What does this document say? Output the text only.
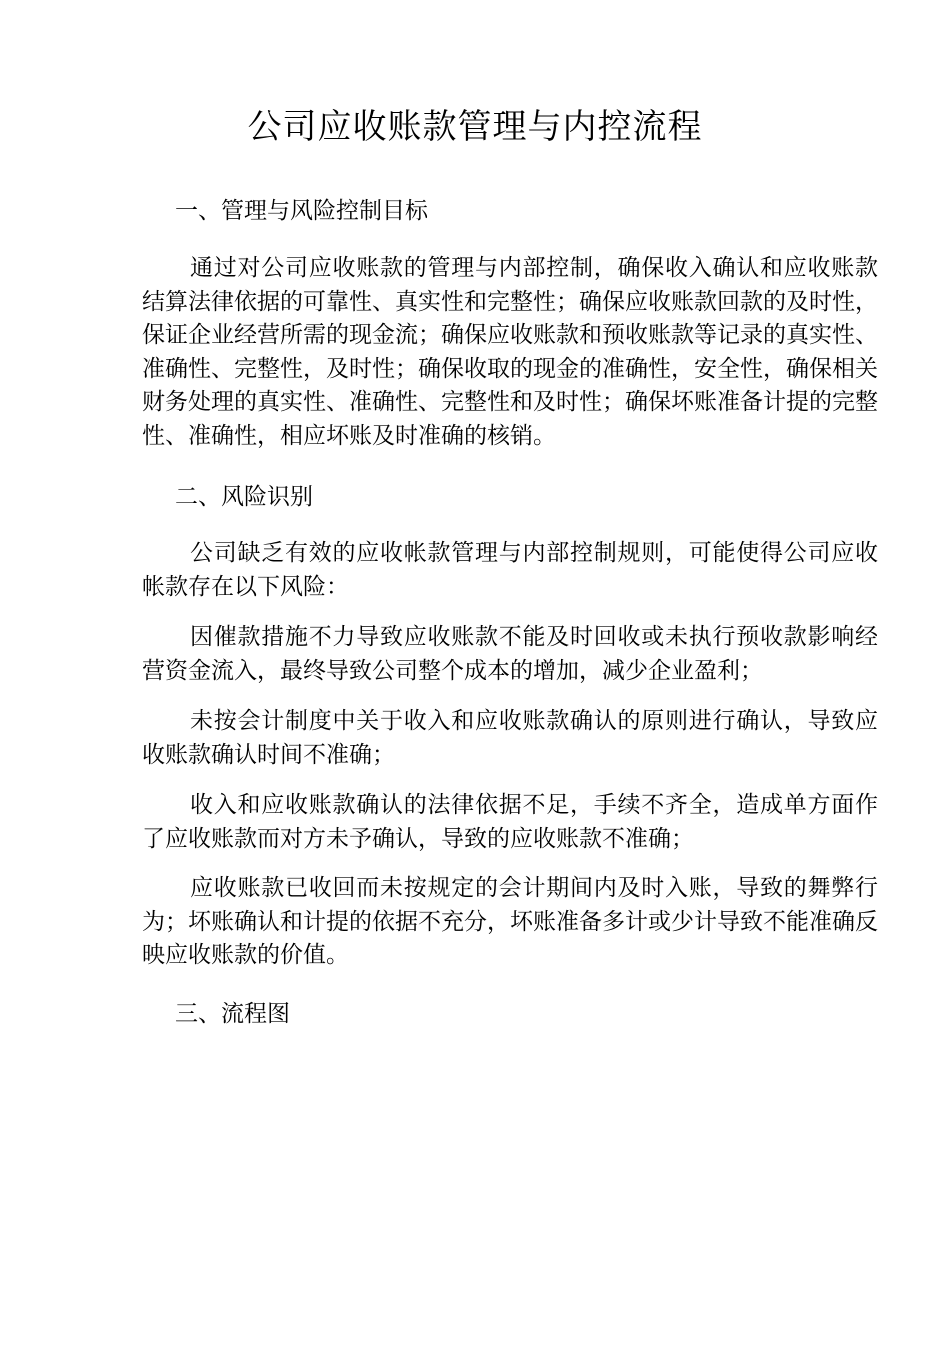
公司应收账款管理与内控流程
一、管理与风险控制目标

通过对公司应收账款的管理与内部控制，确保收入确认和应收账款结算法律依据的可靠性、真实性和完整性；确保应收账款回款的及时性，保证企业经营所需的现金流；确保应收账款和预收账款等记录的真实性、准确性、完整性，及时性；确保收取的现金的准确性，安全性，确保相关财务处理的真实性、准确性、完整性和及时性；确保坏账准备计提的完整性、准确性，相应坏账及时准确的核销。

二、风险识别

公司缺乏有效的应收帐款管理与内部控制规则，可能使得公司应收帐款存在以下风险：

因催款措施不力导致应收账款不能及时回收或未执行预收款影响经营资金流入，最终导致公司整个成本的增加，减少企业盈利；

未按会计制度中关于收入和应收账款确认的原则进行确认，导致应收账款确认时间不准确；

收入和应收账款确认的法律依据不足，手续不齐全，造成单方面作了应收账款而对方未予确认，导致的应收账款不准确；

应收账款已收回而未按规定的会计期间内及时入账，导致的舞弊行为；坏账确认和计提的依据不充分，坏账准备多计或少计导致不能准确反映应收账款的价值。

三、流程图
